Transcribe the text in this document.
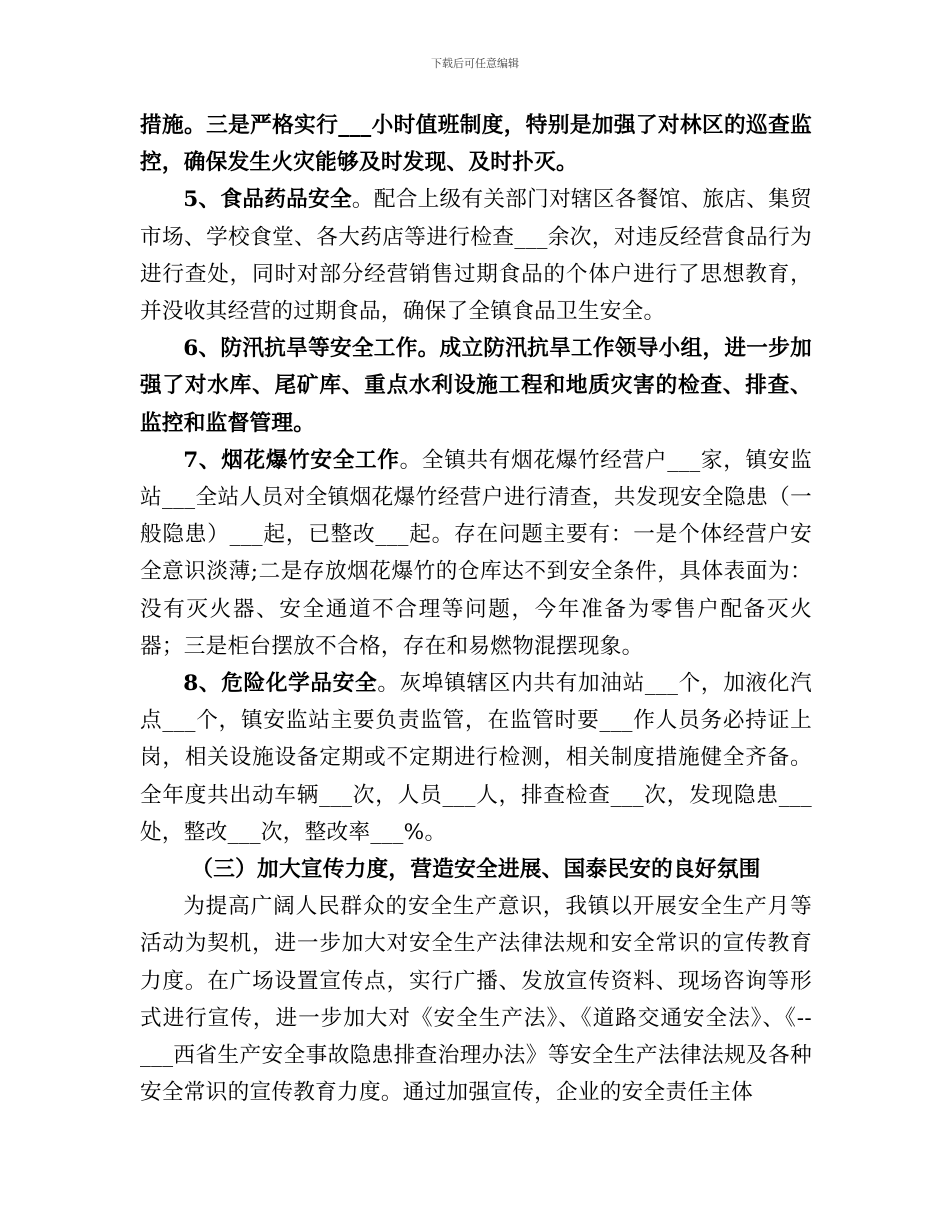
下载后可任意编辑

措施。三是严格实行___小时值班制度，特别是加强了对林区的巡查监控，确保发生火灾能够及时发现、及时扑灭。

5、食品药品安全。配合上级有关部门对辖区各餐馆、旅店、集贸市场、学校食堂、各大药店等进行检查___余次，对违反经营食品行为进行查处，同时对部分经营销售过期食品的个体户进行了思想教育，并没收其经营的过期食品，确保了全镇食品卫生安全。

6、防汛抗旱等安全工作。成立防汛抗旱工作领导小组，进一步加强了对水库、尾矿库、重点水利设施工程和地质灾害的检查、排查、监控和监督管理。

7、烟花爆竹安全工作。全镇共有烟花爆竹经营户___家，镇安监站___全站人员对全镇烟花爆竹经营户进行清查，共发现安全隐患（一般隐患）___起，已整改___起。存在问题主要有：一是个体经营户安全意识淡薄;二是存放烟花爆竹的仓库达不到安全条件，具体表面为：没有灭火器、安全通道不合理等问题，今年准备为零售户配备灭火器；三是柜台摆放不合格，存在和易燃物混摆现象。

8、危险化学品安全。灰埠镇辖区内共有加油站___个，加液化汽点___个，镇安监站主要负责监管，在监管时要___作人员务必持证上岗，相关设施设备定期或不定期进行检测，相关制度措施健全齐备。全年度共出动车辆___次，人员___人，排查检查___次，发现隐患___处，整改___次，整改率___%。

（三）加大宣传力度，营造安全进展、国泰民安的良好氛围

为提高广阔人民群众的安全生产意识，我镇以开展安全生产月等活动为契机，进一步加大对安全生产法律法规和安全常识的宣传教育力度。在广场设置宣传点，实行广播、发放宣传资料、现场咨询等形式进行宣传，进一步加大对《安全生产法》、《道路交通安全法》、《--___西省生产安全事故隐患排查治理办法》等安全生产法律法规及各种安全常识的宣传教育力度。通过加强宣传，企业的安全责任主体
